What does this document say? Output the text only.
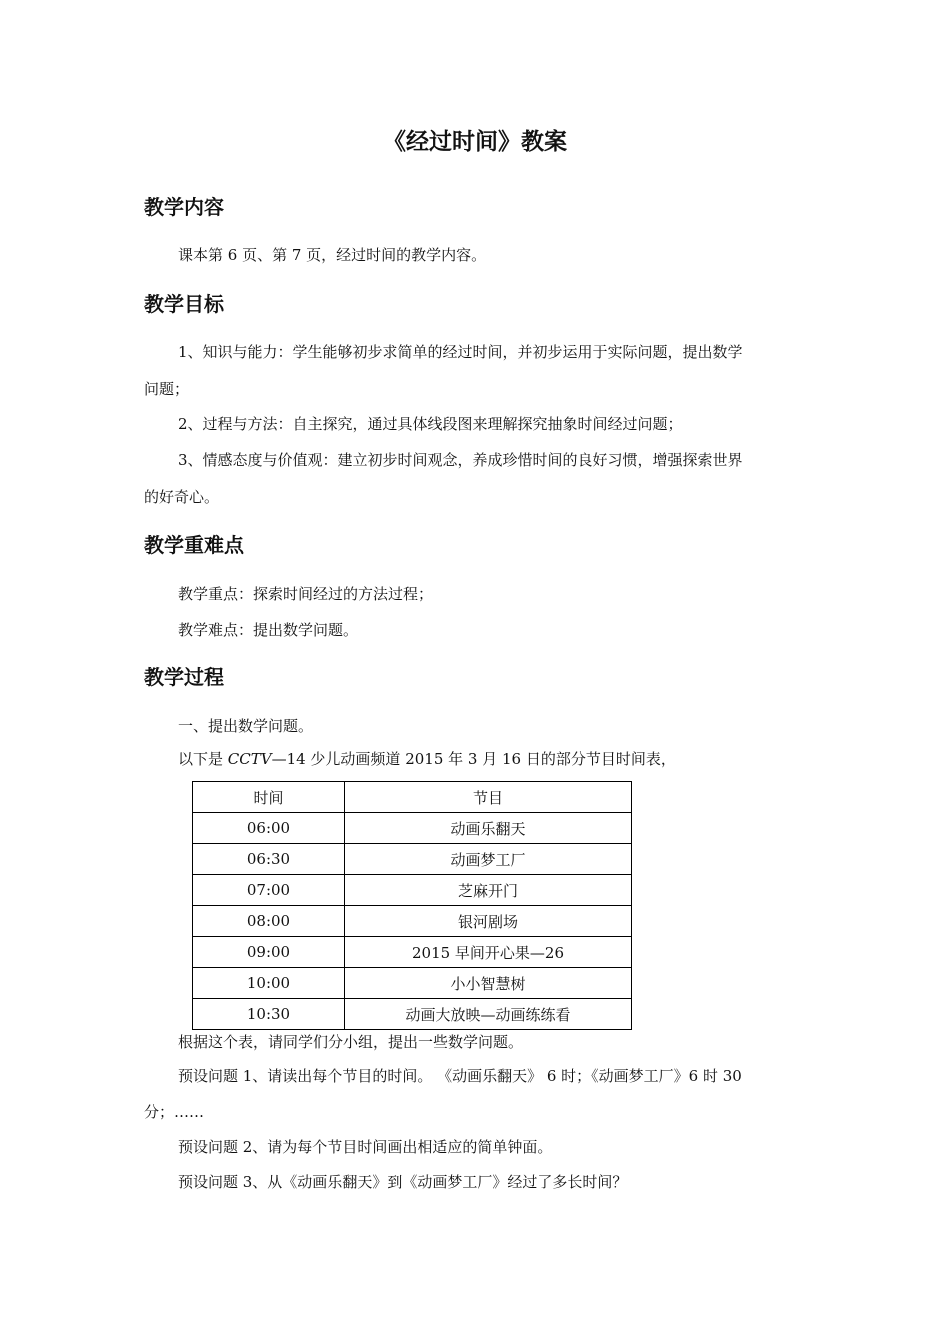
《经过时间》教案
教学内容
课本第 6 页、第 7 页，经过时间的教学内容。
教学目标
1、知识与能力：学生能够初步求简单的经过时间，并初步运用于实际问题，提出数学
问题；
2、过程与方法：自主探究，通过具体线段图来理解探究抽象时间经过问题；
3、情感态度与价值观：建立初步时间观念，养成珍惜时间的良好习惯，增强探索世界
的好奇心。
教学重难点
教学重点：探索时间经过的方法过程；
教学难点：提出数学问题。
教学过程
一、提出数学问题。
以下是 CCTV—14 少儿动画频道 2015 年 3 月 16 日的部分节目时间表，
时间	节目
06:00	动画乐翻天
06:30	动画梦工厂
07:00	芝麻开门
08:00	银河剧场
09:00	2015 早间开心果—26
10:00	小小智慧树
10:30	动画大放映—动画练练看
根据这个表，请同学们分小组，提出一些数学问题。
预设问题 1、请读出每个节目的时间。 《动画乐翻天》 6 时；《动画梦工厂》6 时 30
分；……
预设问题 2、请为每个节目时间画出相适应的简单钟面。
预设问题 3、从《动画乐翻天》到《动画梦工厂》经过了多长时间？
